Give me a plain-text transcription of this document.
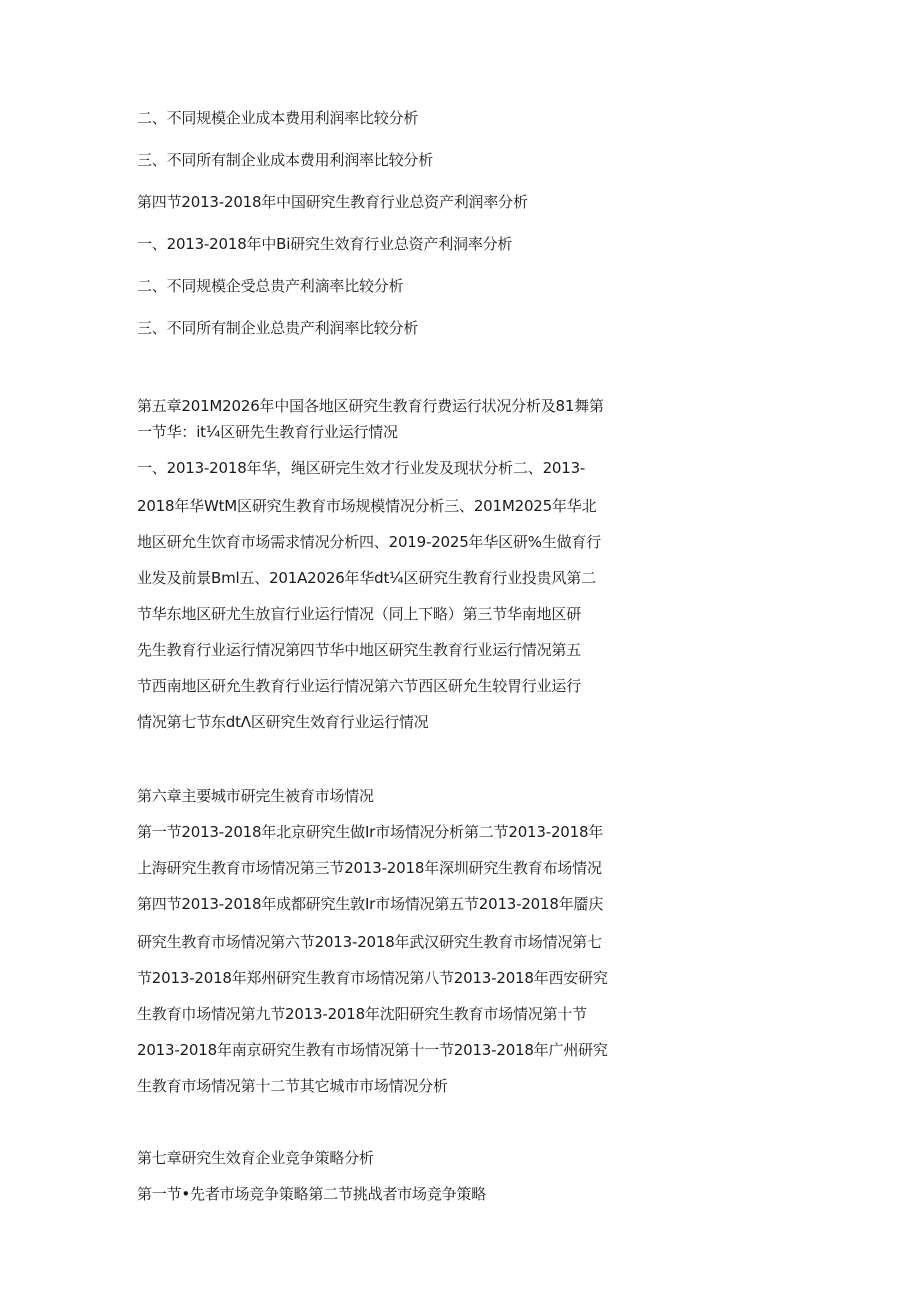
二、不同规模企业成本费用利润率比较分析
三、不同所有制企业成本费用利润率比较分析
第四节2013-2018年中国研究生教育行业总资产利润率分析
一、2013-2018年中Bi研究生效育行业总资产利洞率分析
二、不同规模企受总贵产利滴率比较分析
三、不同所有制企业总贵产利润率比较分析
第五章201M2026年中国各地区研究生教育行费运行状况分析及81舞第
一节华：it¼区研先生教育行业运行情况
一、2013-2018年华，绳区研完生效才行业发及现状分析二、2013-
2018年华WtM区研究生教育市场规模情况分析三、201M2025年华北
地区研允生饮育市场需求情况分析四、2019-2025年华区研%生做育行
业发及前景Bml五、201A2026年华dt¼区研究生教育行业投贵风第二
节华东地区研尤生放盲行业运行情况（同上下略）第三节华南地区研
先生教育行业运行情况第四节华中地区研究生教育行业运行情况第五
节西南地区研允生教育行业运行情况第六节西区研允生较胃行业运行
情况第七节东dtΛ区研究生效育行业运行情况
第六章主要城市研完生被育市场情况
第一节2013-2018年北京研究生做Ir市场情况分析第二节2013-2018年
上海研究生教育市场情况第三节2013-2018年深圳研究生教育布场情况
第四节2013-2018年成都研究生敦Ir市场情况第五节2013-2018年靥庆
研究生教育市场情况第六节2013-2018年武汉研究生教育市场情况第七
节2013-2018年郑州研究生教育市场情况第八节2013-2018年西安研究
生教育巾场情况第九节2013-2018年沈阳研究生教育市场情况第十节
2013-2018年南京研究生教有市场情况第十一节2013-2018年广州研究
生教育市场情况第十二节其它城市市场情况分析
第七章研究生效育企业竞争策略分析
第一节•先者市场竞争策略第二节挑战者市场竞争策略
